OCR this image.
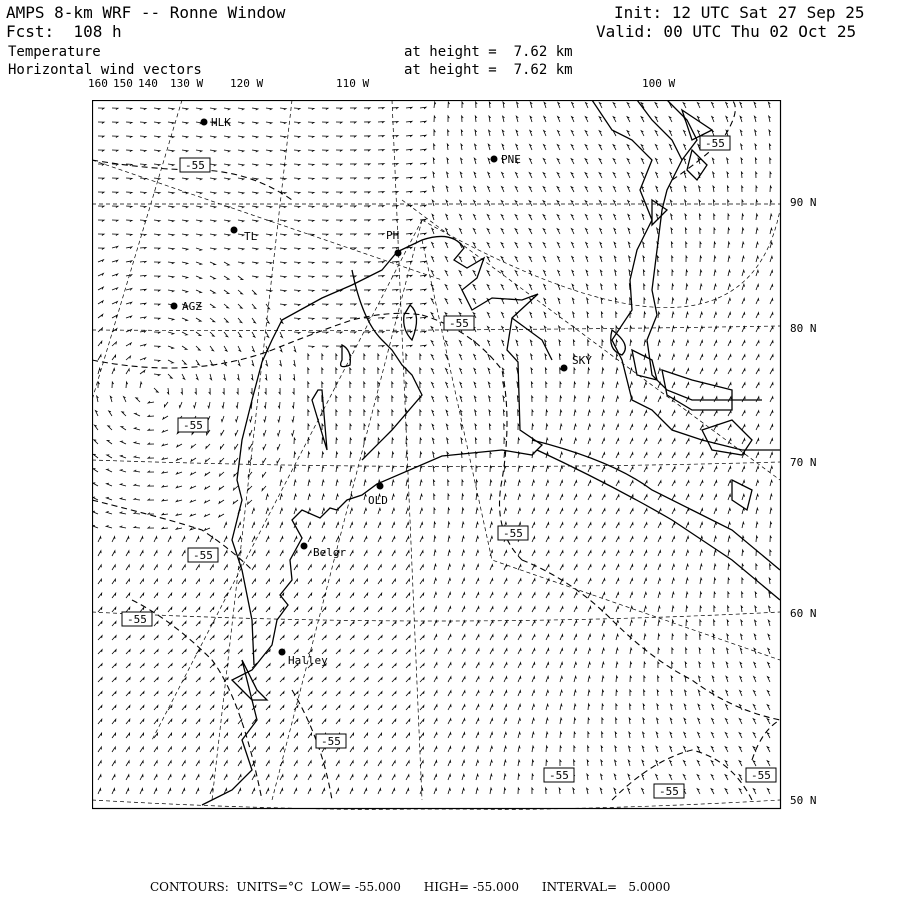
AMPS 8-km WRF -- Ronne Window
Fcst:  108 h
Init: 12 UTC Sat 27 Sep 25
Valid: 00 UTC Thu 02 Oct 25
Temperature
Horizontal wind vectors
at height =  7.62 km
at height =  7.62 km
160 150 140 130 W 120 W	110 W	100 W
90 N
80 N
70 N
60 N
50 N
HLK
PNE
TL	PH
AGZ
SKY
OLD
Belgr
Halley
-55
-55
-55
-55
-55
-55
-55
-55
-55
-55
-55
CONTOURS:  UNITS=°C  LOW= -55.000      HIGH= -55.000      INTERVAL=   5.0000
